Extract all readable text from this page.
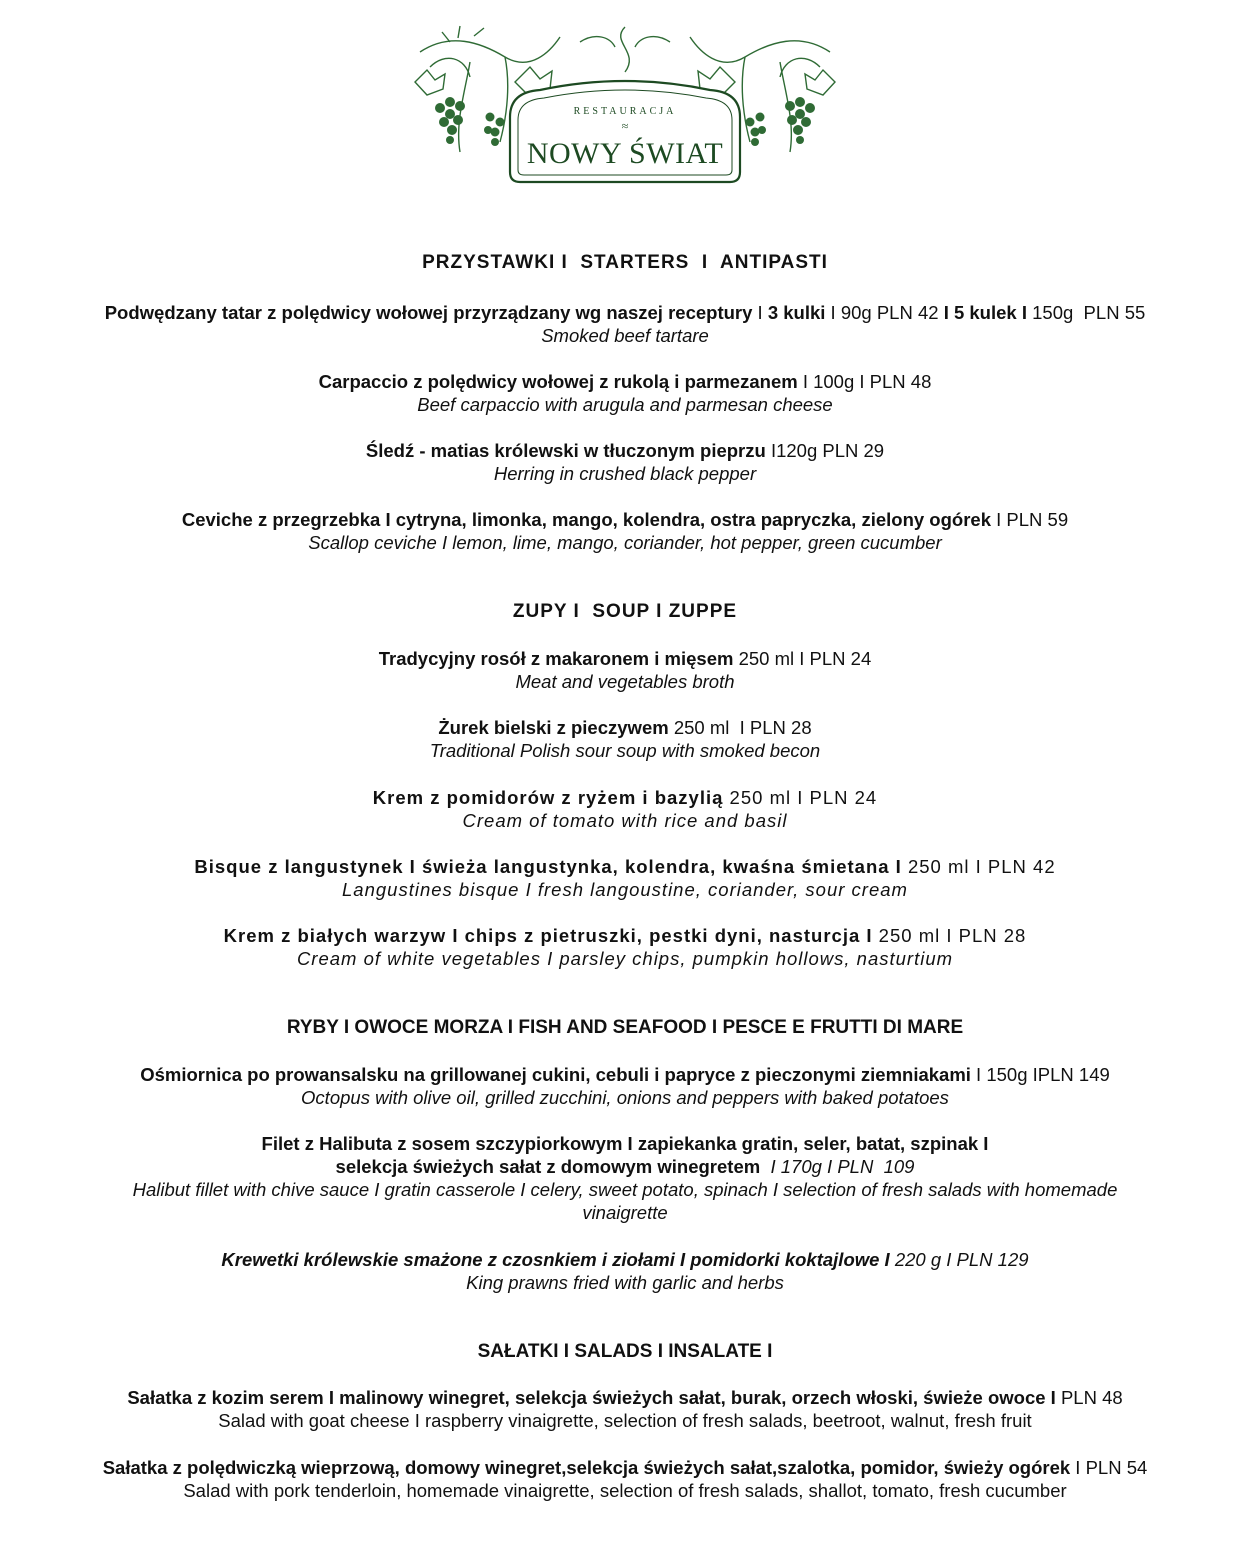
RESTAURACJA
NOWY ŚWIAT
≈
PRZYSTAWKI I  STARTERS  I  ANTIPASTI
Podwędzany tatar z polędwicy wołowej przyrządzany wg naszej receptury I 3 kulki I 90g PLN 42 I 5 kulek I 150g  PLN 55
Smoked beef tartare
Carpaccio z polędwicy wołowej z rukolą i parmezanem I 100g I PLN 48
Beef carpaccio with arugula and parmesan cheese
Śledź - matias królewski w tłuczonym pieprzu I120g PLN 29
Herring in crushed black pepper
Ceviche z przegrzebka I cytryna, limonka, mango, kolendra, ostra papryczka, zielony ogórek I PLN 59
Scallop ceviche I lemon, lime, mango, coriander, hot pepper, green cucumber
ZUPY I  SOUP I ZUPPE
Tradycyjny rosół z makaronem i mięsem 250 ml I PLN 24
Meat and vegetables broth
Żurek bielski z pieczywem 250 ml  I PLN 28
Traditional Polish sour soup with smoked becon
Krem z pomidorów z ryżem i bazylią 250 ml I PLN 24
Cream of tomato with rice and basil
Bisque z langustynek I świeża langustynka, kolendra, kwaśna śmietana I 250 ml I PLN 42
Langustines bisque I fresh langoustine, coriander, sour cream
Krem z białych warzyw I chips z pietruszki, pestki dyni, nasturcja I 250 ml I PLN 28
Cream of white vegetables I parsley chips, pumpkin hollows, nasturtium
RYBY I OWOCE MORZA I FISH AND SEAFOOD I PESCE E FRUTTI DI MARE
Ośmiornica po prowansalsku na grillowanej cukini, cebuli i papryce z pieczonymi ziemniakami I 150g IPLN 149
Octopus with olive oil, grilled zucchini, onions and peppers with baked potatoes
Filet z Halibuta z sosem szczypiorkowym I zapiekanka gratin, seler, batat, szpinak I
selekcja świeżych sałat z domowym winegretem  I 170g I PLN  109
Halibut fillet with chive sauce I gratin casserole I celery, sweet potato, spinach I selection of fresh salads with homemade
vinaigrette
Krewetki królewskie smażone z czosnkiem i ziołami I pomidorki koktajlowe I 220 g I PLN 129
King prawns fried with garlic and herbs
SAŁATKI I SALADS I INSALATE I
Sałatka z kozim serem I malinowy winegret, selekcja świeżych sałat, burak, orzech włoski, świeże owoce I PLN 48
Salad with goat cheese I raspberry vinaigrette, selection of fresh salads, beetroot, walnut, fresh fruit
Sałatka z polędwiczką wieprzową, domowy winegret,selekcja świeżych sałat,szalotka, pomidor, świeży ogórek I PLN 54
Salad with pork tenderloin, homemade vinaigrette, selection of fresh salads, shallot, tomato, fresh cucumber
